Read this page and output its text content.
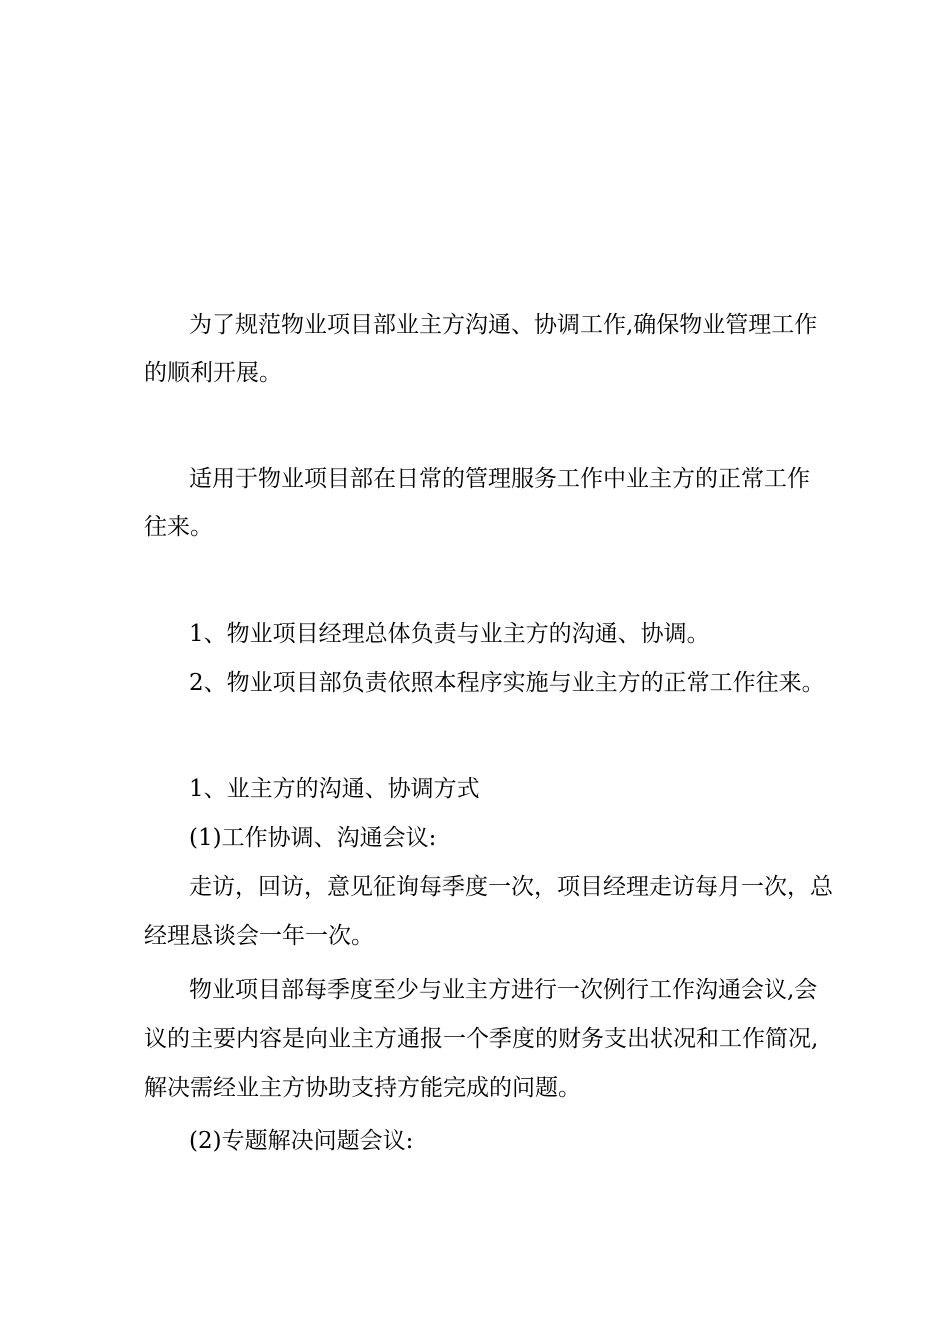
为了规范物业项目部业主方沟通、协调工作,确保物业管理工作
的顺利开展。
适用于物业项目部在日常的管理服务工作中业主方的正常工作
往来。
1、物业项目经理总体负责与业主方的沟通、协调。
2、物业项目部负责依照本程序实施与业主方的正常工作往来。
1、业主方的沟通、协调方式
(1)工作协调、沟通会议:
走访，回访，意见征询每季度一次，项目经理走访每月一次，总
经理恳谈会一年一次。
物业项目部每季度至少与业主方进行一次例行工作沟通会议,会
议的主要内容是向业主方通报一个季度的财务支出状况和工作简况,
解决需经业主方协助支持方能完成的问题。
(2)专题解决问题会议:
